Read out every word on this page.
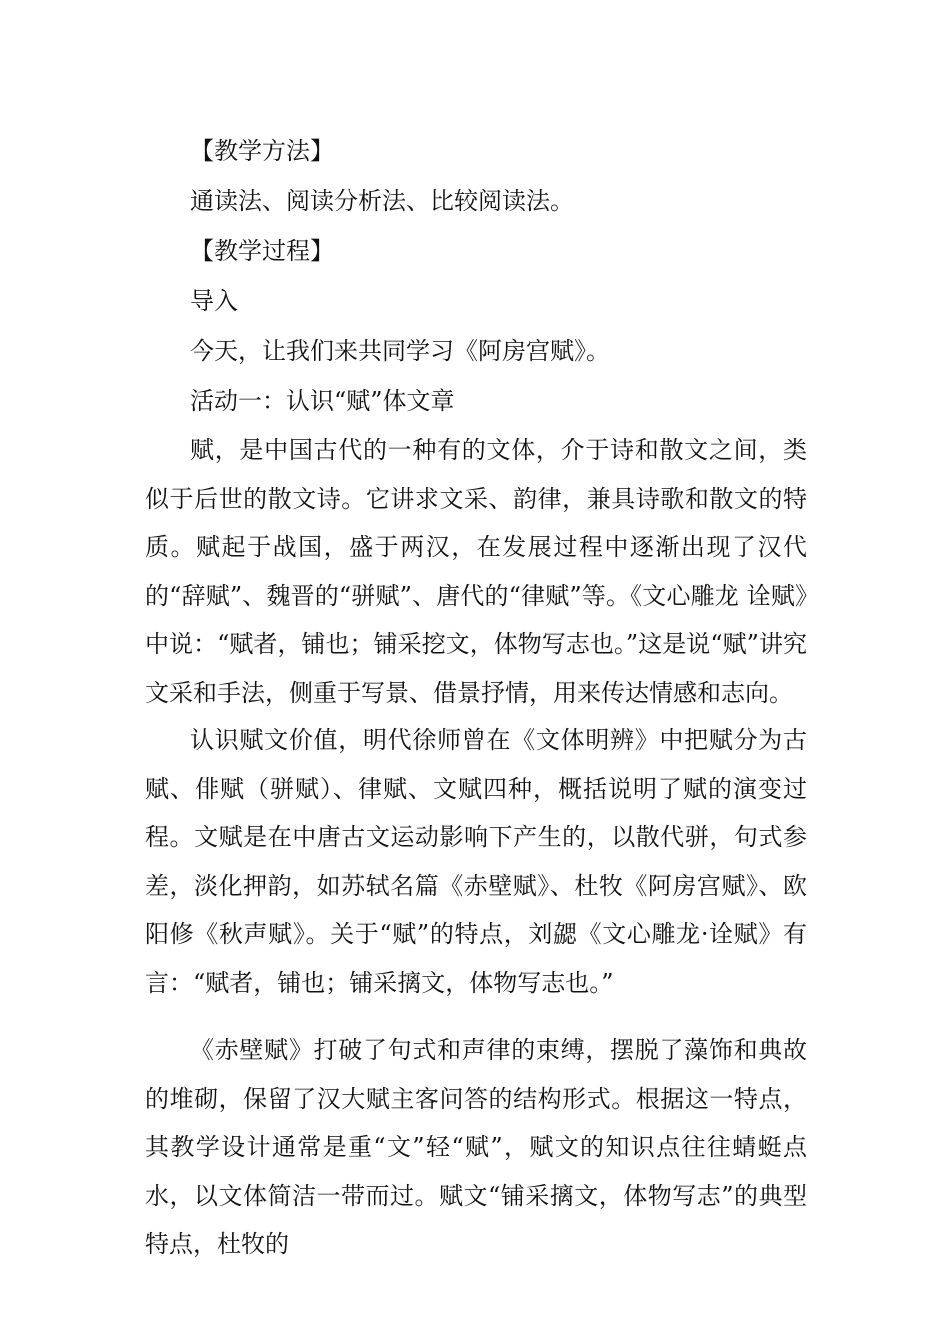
【教学方法】
通读法、阅读分析法、比较阅读法。
【教学过程】
导入
今天，让我们来共同学习《阿房宫赋》。
活动一：认识“赋”体文章

赋，是中国古代的一种有的文体，介于诗和散文之间，类似于后世的散文诗。它讲求文采、韵律，兼具诗歌和散文的特质。赋起于战国，盛于两汉，在发展过程中逐渐出现了汉代的“辞赋”、魏晋的“骈赋”、唐代的“律赋”等。《文心雕龙 诠赋》中说：“赋者，铺也；铺采挖文，体物写志也。”这是说“赋”讲究文采和手法，侧重于写景、借景抒情，用来传达情感和志向。

认识赋文价值，明代徐师曾在《文体明辨》中把赋分为古赋、俳赋（骈赋）、律赋、文赋四种，概括说明了赋的演变过程。文赋是在中唐古文运动影响下产生的，以散代骈，句式参差，淡化押韵，如苏轼名篇《赤壁赋》、杜牧《阿房宫赋》、欧阳修《秋声赋》。关于“赋”的特点，刘勰《文心雕龙·诠赋》有言：“赋者，铺也；铺采摛文，体物写志也。”

《赤壁赋》打破了句式和声律的束缚，摆脱了藻饰和典故的堆砌，保留了汉大赋主客问答的结构形式。根据这一特点，其教学设计通常是重“文”轻“赋”，赋文的知识点往往蜻蜓点水，以文体简洁一带而过。赋文“铺采摛文，体物写志”的典型特点，杜牧的
